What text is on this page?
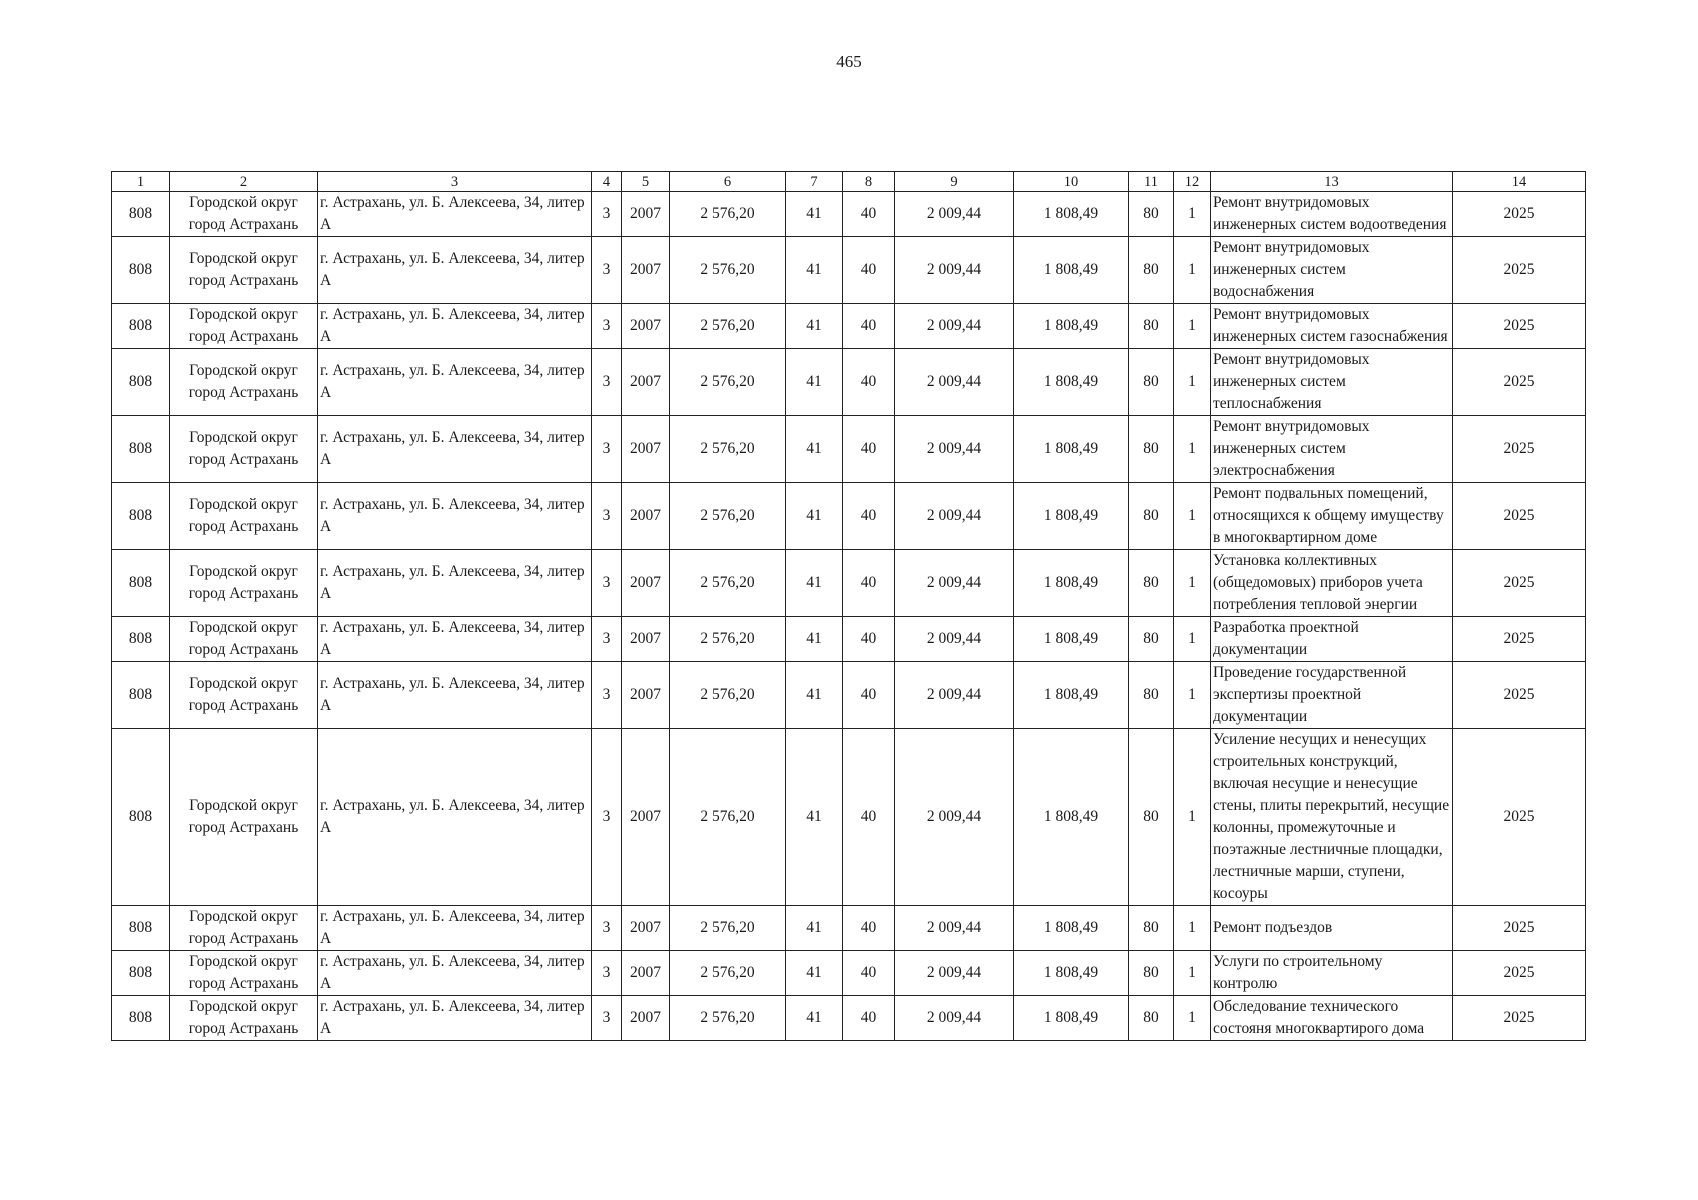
465
1	2	3	4	5	6	7	8	9	10	11	12	13	14
808	Городской округ город Астрахань	г. Астрахань, ул. Б. Алексеева, 34, литер А	3	2007	2 576,20	41	40	2 009,44	1 808,49	80	1	Ремонт внутридомовых инженерных систем водоотведения	2025
808	Городской округ город Астрахань	г. Астрахань, ул. Б. Алексеева, 34, литер А	3	2007	2 576,20	41	40	2 009,44	1 808,49	80	1	Ремонт внутридомовых инженерных систем водоснабжения	2025
808	Городской округ город Астрахань	г. Астрахань, ул. Б. Алексеева, 34, литер А	3	2007	2 576,20	41	40	2 009,44	1 808,49	80	1	Ремонт внутридомовых инженерных систем газоснабжения	2025
808	Городской округ город Астрахань	г. Астрахань, ул. Б. Алексеева, 34, литер А	3	2007	2 576,20	41	40	2 009,44	1 808,49	80	1	Ремонт внутридомовых инженерных систем теплоснабжения	2025
808	Городской округ город Астрахань	г. Астрахань, ул. Б. Алексеева, 34, литер А	3	2007	2 576,20	41	40	2 009,44	1 808,49	80	1	Ремонт внутридомовых инженерных систем электроснабжения	2025
808	Городской округ город Астрахань	г. Астрахань, ул. Б. Алексеева, 34, литер А	3	2007	2 576,20	41	40	2 009,44	1 808,49	80	1	Ремонт подвальных помещений, относящихся к общему имуществу в многоквартирном доме	2025
808	Городской округ город Астрахань	г. Астрахань, ул. Б. Алексеева, 34, литер А	3	2007	2 576,20	41	40	2 009,44	1 808,49	80	1	Установка коллективных (общедомовых) приборов учета потребления тепловой энергии	2025
808	Городской округ город Астрахань	г. Астрахань, ул. Б. Алексеева, 34, литер А	3	2007	2 576,20	41	40	2 009,44	1 808,49	80	1	Разработка проектной документации	2025
808	Городской округ город Астрахань	г. Астрахань, ул. Б. Алексеева, 34, литер А	3	2007	2 576,20	41	40	2 009,44	1 808,49	80	1	Проведение государственной экспертизы проектной документации	2025
808	Городской округ город Астрахань	г. Астрахань, ул. Б. Алексеева, 34, литер А	3	2007	2 576,20	41	40	2 009,44	1 808,49	80	1	Усиление несущих и ненесущих строительных конструкций, включая несущие и ненесущие стены, плиты перекрытий, несущие колонны, промежуточные и поэтажные лестничные площадки, лестничные марши, ступени, косоуры	2025
808	Городской округ город Астрахань	г. Астрахань, ул. Б. Алексеева, 34, литер А	3	2007	2 576,20	41	40	2 009,44	1 808,49	80	1	Ремонт подъездов	2025
808	Городской округ город Астрахань	г. Астрахань, ул. Б. Алексеева, 34, литер А	3	2007	2 576,20	41	40	2 009,44	1 808,49	80	1	Услуги по строительному контролю	2025
808	Городской округ город Астрахань	г. Астрахань, ул. Б. Алексеева, 34, литер А	3	2007	2 576,20	41	40	2 009,44	1 808,49	80	1	Обследование технического состояня многоквартирого дома	2025
